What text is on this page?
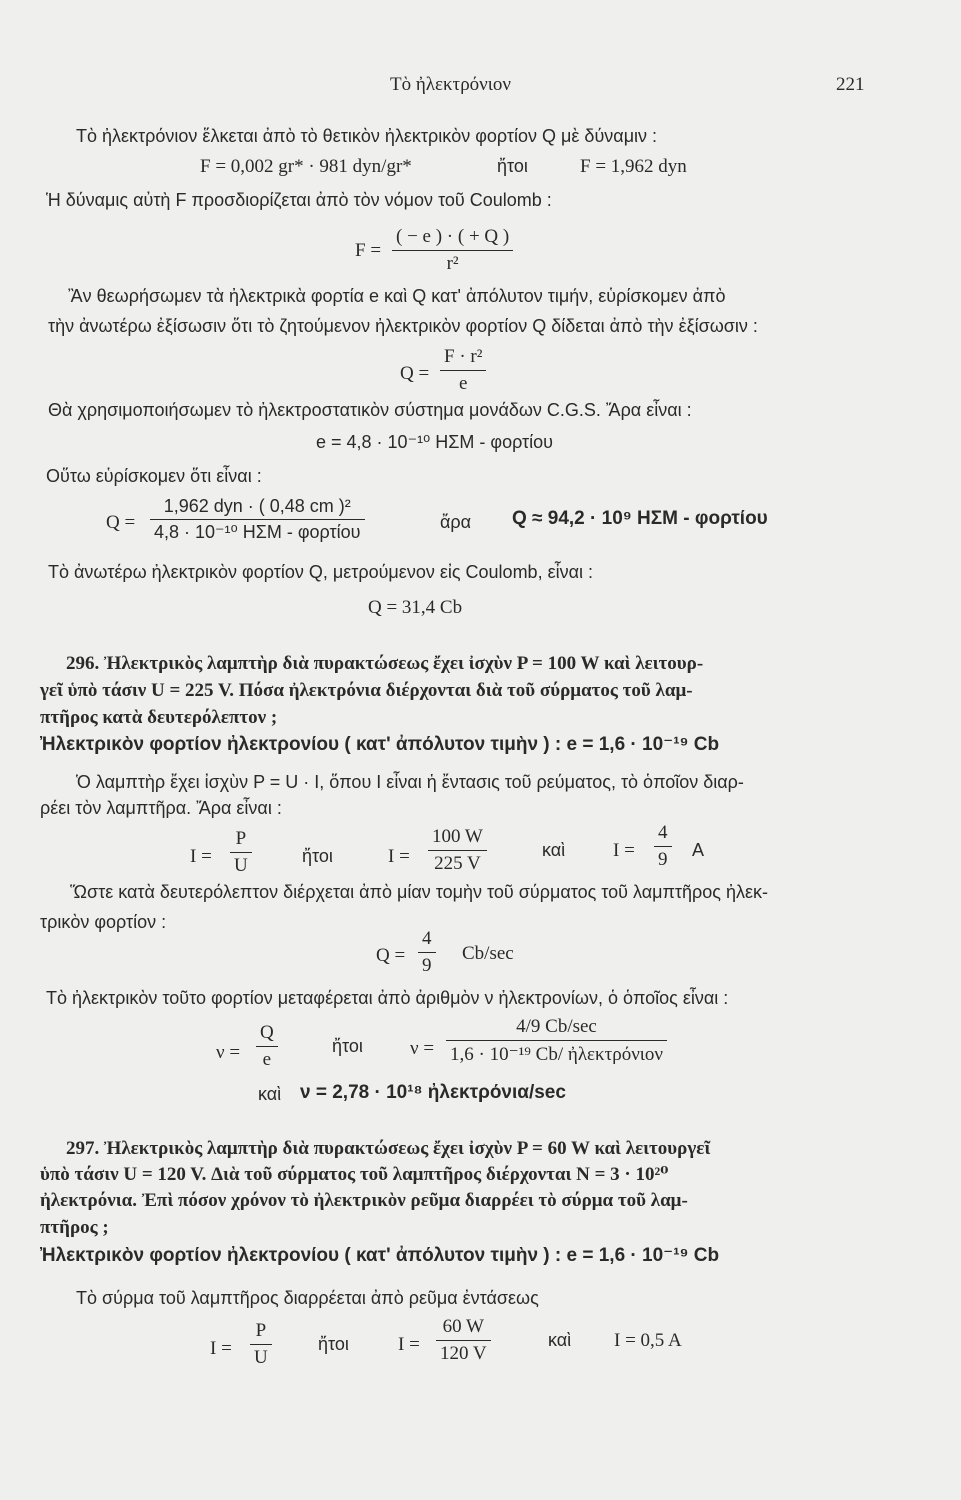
Τὸ ἠλεκτρόνιον	221
Τὸ ἠλεκτρόνιον ἕλκεται ἀπὸ τὸ θετικὸν ἠλεκτρικὸν φορτίον Q μὲ δύναμιν :
F = 0,002 gr* · 981 dyn/gr*	ἤτοι	F = 1,962 dyn
Ἡ δύναμις αὐτὴ F προσδιορίζεται ἀπὸ τὸν νόμον τοῦ Coulomb :
F =
( − e ) · ( + Q )
r²
Ἂν θεωρήσωμεν τὰ ἠλεκτρικὰ φορτία e καὶ Q κατ' ἀπόλυτον τιμήν, εὑρίσκομεν ἀπὸ
τὴν ἀνωτέρω ἐξίσωσιν ὅτι τὸ ζητούμενον ἠλεκτρικὸν φορτίον Q δίδεται ἀπὸ τὴν ἐξίσωσιν :
Q =
F · r²
e
Θὰ χρησιμοποιήσωμεν τὸ ἠλεκτροστατικὸν σύστημα μονάδων C.G.S. Ἄρα εἶναι :
e = 4,8 · 10⁻¹⁰ ΗΣΜ - φορτίου
Οὕτω εὑρίσκομεν ὅτι εἶναι :
Q =
1,962 dyn · ( 0,48 cm )²
4,8 · 10⁻¹⁰ ΗΣΜ - φορτίου	ἄρα Q ≈ 94,2 · 10⁹ ΗΣΜ - φορτίου
Τὸ ἀνωτέρω ἠλεκτρικὸν φορτίον Q, μετρούμενον εἰς Coulomb, εἶναι :
Q = 31,4 Cb
296. Ἠλεκτρικὸς λαμπτὴρ διὰ πυρακτώσεως ἔχει ἰσχὺν P = 100 W καὶ λειτουρ-
γεῖ ὑπὸ τάσιν U = 225 V. Πόσα ἠλεκτρόνια διέρχονται διὰ τοῦ σύρματος τοῦ λαμ-
πτῆρος κατὰ δευτερόλεπτον ;
Ἠλεκτρικὸν φορτίον ἠλεκτρονίου ( κατ' ἀπόλυτον τιμὴν ) : e = 1,6 · 10⁻¹⁹ Cb
Ὁ λαμπτὴρ ἔχει ἰσχὺν P = U · I, ὅπου I εἶναι ἡ ἔντασις τοῦ ρεύματος, τὸ ὁποῖον διαρ-
ρέει τὸν λαμπτῆρα. Ἄρα εἶναι :
I =
P
U	ἤτοι	I =
100 W
225 V
καὶ	I =
4
9 A
Ὥστε κατὰ δευτερόλεπτον διέρχεται ἀπὸ μίαν τομὴν τοῦ σύρματος τοῦ λαμπτῆρος ἠλεκ-
τρικὸν φορτίον :
Q =
4
9
Cb/sec
Τὸ ἠλεκτρικὸν τοῦτο φορτίον μεταφέρεται ἀπὸ ἀριθμὸν ν ἠλεκτρονίων, ὁ ὁποῖος εἶναι :
ν =
Q
e
ἤτοι ν =
4/9 Cb/sec
1,6 · 10⁻¹⁹ Cb/ ἠλεκτρόνιον
καὶ ν = 2,78 · 10¹⁸ ἠλεκτρόνια/sec
297. Ἠλεκτρικὸς λαμπτὴρ διὰ πυρακτώσεως ἔχει ἰσχὺν P = 60 W καὶ λειτουργεῖ
ὑπὸ τάσιν U = 120 V. Διὰ τοῦ σύρματος τοῦ λαμπτῆρος διέρχονται N = 3 · 10²⁰
ἠλεκτρόνια. Ἐπὶ πόσον χρόνον τὸ ἠλεκτρικὸν ρεῦμα διαρρέει τὸ σύρμα τοῦ λαμ-
πτῆρος ;
Ἠλεκτρικὸν φορτίον ἠλεκτρονίου ( κατ' ἀπόλυτον τιμὴν ) : e = 1,6 · 10⁻¹⁹ Cb
Τὸ σύρμα τοῦ λαμπτῆρος διαρρέεται ἀπὸ ρεῦμα ἐντάσεως
I =
P
U
ἤτοι	I =
60 W
120 V
καὶ I = 0,5 A
